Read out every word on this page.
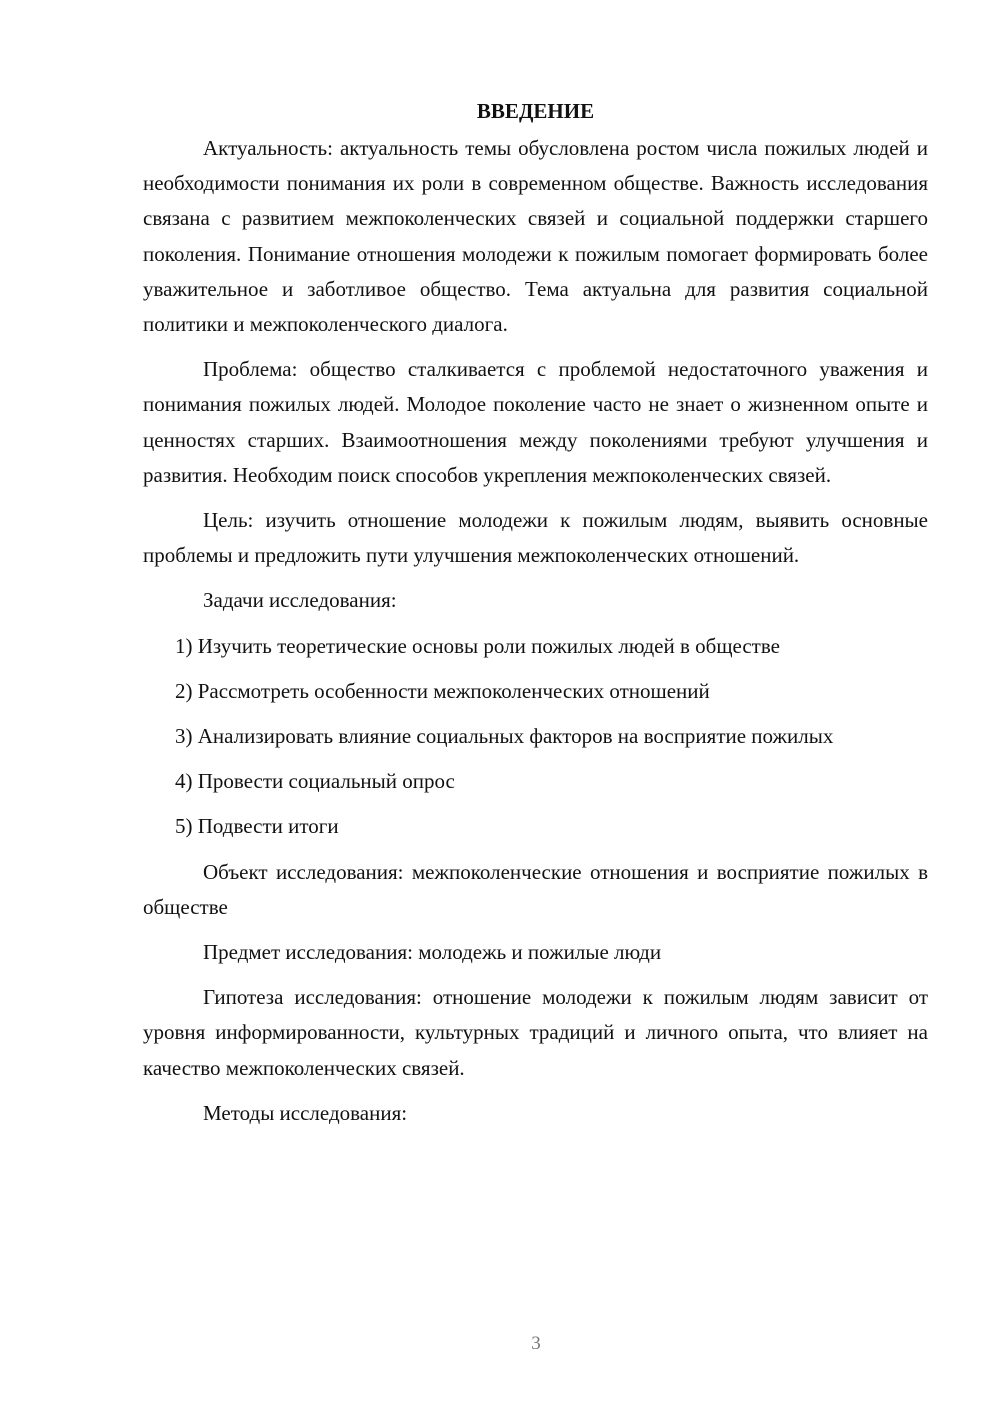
ВВЕДЕНИЕ

Актуальность: актуальность темы обусловлена ростом числа пожилых людей и необходимости понимания их роли в современном обществе. Важность исследования связана с развитием межпоколенческих связей и социальной поддержки старшего поколения. Понимание отношения молодежи к пожилым помогает формировать более уважительное и заботливое общество. Тема актуальна для развития социальной политики и межпоколенческого диалога.

Проблема: общество сталкивается с проблемой недостаточного уважения и понимания пожилых людей. Молодое поколение часто не знает о жизненном опыте и ценностях старших. Взаимоотношения между поколениями требуют улучшения и развития. Необходим поиск способов укрепления межпоколенческих связей.

Цель: изучить отношение молодежи к пожилым людям, выявить основные проблемы и предложить пути улучшения межпоколенческих отношений.

Задачи исследования:

1) Изучить теоретические основы роли пожилых людей в обществе

2) Рассмотреть особенности межпоколенческих отношений

3) Анализировать влияние социальных факторов на восприятие пожилых

4) Провести социальный опрос

5) Подвести итоги

Объект исследования: межпоколенческие отношения и восприятие пожилых в обществе

Предмет исследования: молодежь и пожилые люди

Гипотеза исследования: отношение молодежи к пожилым людям зависит от уровня информированности, культурных традиций и личного опыта, что влияет на качество межпоколенческих связей.

Методы исследования:

3
